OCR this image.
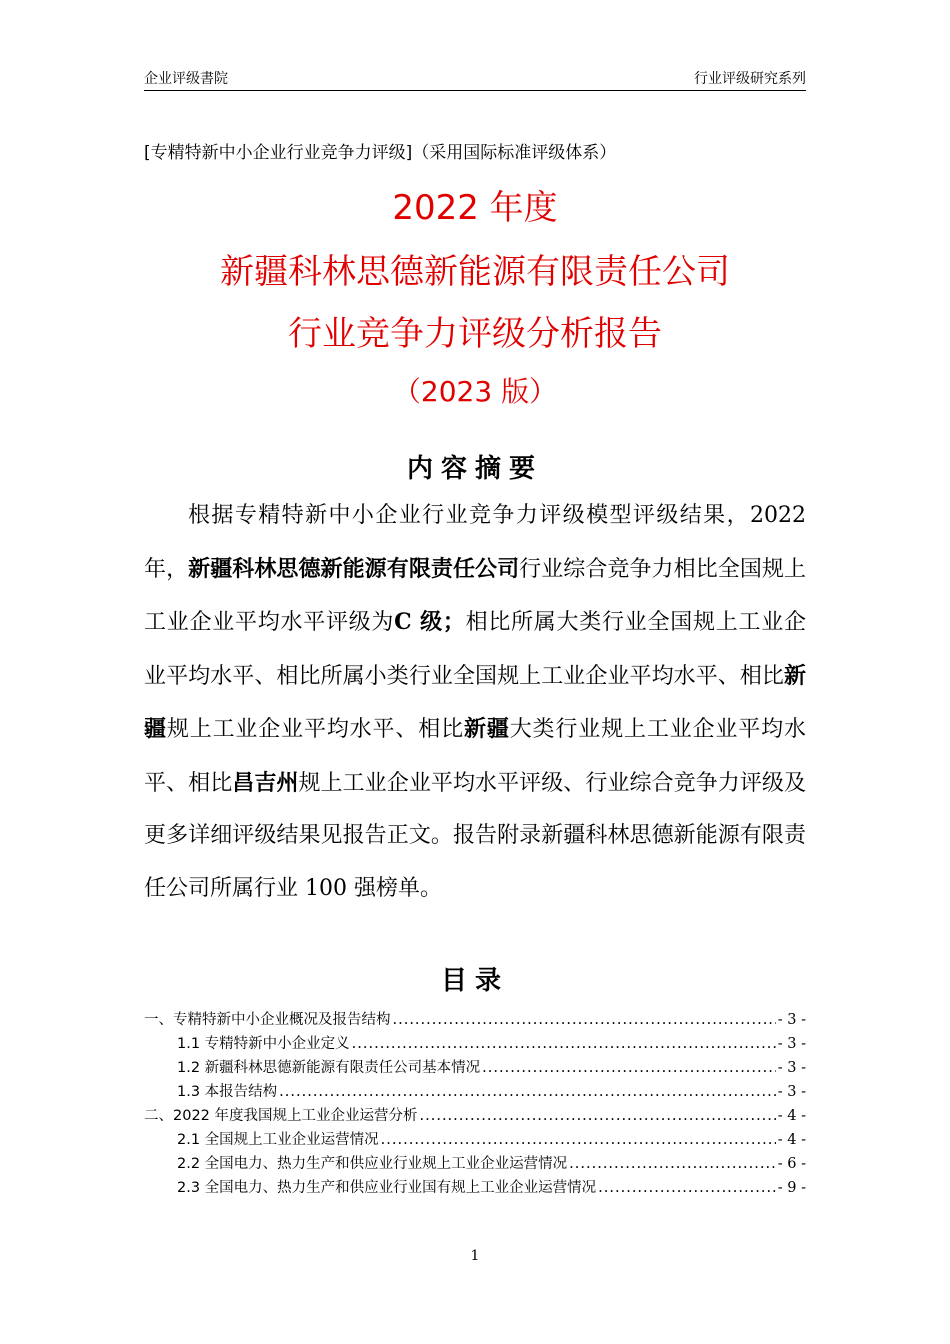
企业评级書院	行业评级研究系列
[专精特新中小企业行业竞争力评级]（采用国际标准评级体系）
2022 年度
新疆科林思德新能源有限责任公司
行业竞争力评级分析报告
（2023 版）
内容摘要
根据专精特新中小企业行业竞争力评级模型评级结果，2022 年，新疆科林思德新能源有限责任公司行业综合竞争力相比全国规上工业企业平均水平评级为C 级；相比所属大类行业全国规上工业企业平均水平、相比所属小类行业全国规上工业企业平均水平、相比新疆规上工业企业平均水平、相比新疆大类行业规上工业企业平均水平、相比昌吉州规上工业企业平均水平评级、行业综合竞争力评级及更多详细评级结果见报告正文。报告附录新疆科林思德新能源有限责任公司所属行业 100 强榜单。
目录
一、专精特新中小企业概况及报告结构 .....	- 3 -
1.1 专精特新中小企业定义 .....	- 3 -
1.2 新疆科林思德新能源有限责任公司基本情况 .....	- 3 -
1.3 本报告结构 .....	- 3 -
二、2022 年度我国规上工业企业运营分析 .....	- 4 -
2.1 全国规上工业企业运营情况 .....	- 4 -
2.2 全国电力、热力生产和供应业行业规上工业企业运营情况 .....	- 6 -
2.3 全国电力、热力生产和供应业行业国有规上工业企业运营情况 .....	- 9 -
1
